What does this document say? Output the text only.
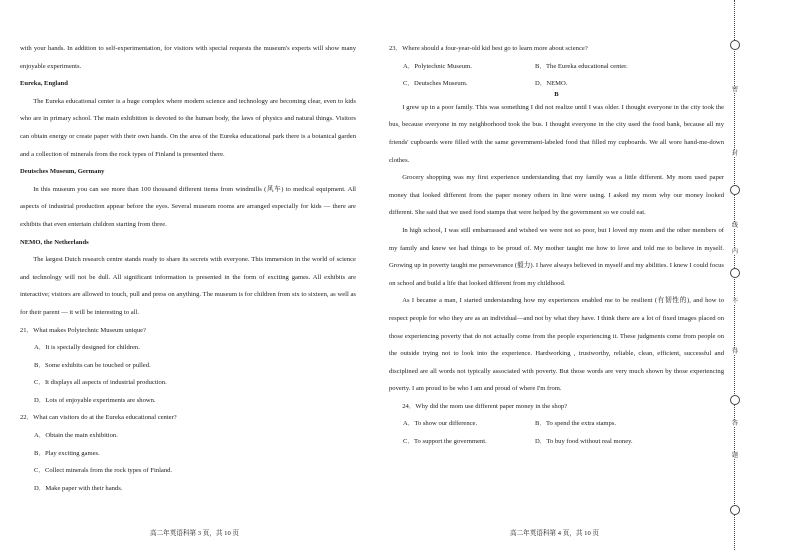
with your hands. In addition to self-experimentation, for visitors with special requests the museum's experts will show many enjoyable experiments.

Eureka, England

The Eureka educational center is a huge complex where modern science and technology are becoming clear, even to kids who are in primary school. The main exhibition is devoted to the human body, the laws of physics and natural things. Visitors can obtain energy or create paper with their own hands. On the area of the Eureka educational park there is a botanical garden and a collection of minerals from the rock types of Finland is presented there.

Deutsches Museum, Germany

In this museum you can see more than 100 thousand different items from windmills (风车) to medical equipment. All aspects of industrial production appear before the eyes. Several museum rooms are arranged especially for kids — there are exhibits that even entertain children starting from three.

NEMO, the Netherlands

The largest Dutch research centre stands ready to share its secrets with everyone. This immersion in the world of science and technology will not be dull. All significant information is presented in the form of exciting games. All exhibits are interactive; visitors are allowed to touch, pull and press on anything. The museum is for children from six to sixteen, as well as for their parent — it will be interesting to all.

21．What makes Polytechnic Museum unique?

A．It is specially designed for children.

B．Some exhibits can be touched or pulled.

C．It displays all aspects of industrial production.

D．Lots of enjoyable experiments are shown.

22．What can visitors do at the Eureka educational center?

A．Obtain the main exhibition.

B．Play exciting games.

C．Collect minerals from the rock types of Finland.

D．Make paper with their hands.

23．Where should a four-year-old kid best go to learn more about science?

A．Polytechnic Museum.	B．The Eureka educational center.
C．Deutsches Museum.	D．NEMO.

B

I grew up in a poor family. This was something I did not realize until I was older. I thought everyone in the city took the bus, because everyone in my neighborhood took the bus. I thought everyone in the city used the food bank, because all my friends' cupboards were filled with the same government-labeled food that filled my cupboards. We all wore hand-me-down clothes.

Grocery shopping was my first experience understanding that my family was a little different. My mom used paper money that looked different from the paper money others in line were using. I asked my mom why our money looked different. She said that we used food stamps that were helped by the government so we could eat.

In high school, I was still embarrassed and wished we were not so poor, but I loved my mom and the other members of my family and knew we had things to be proud of. My mother taught me how to love and told me to believe in myself. Growing up in poverty taught me perseverance (毅力). I have always believed in myself and my abilities. I knew I could focus on school and build a life that looked different from my childhood.

As I became a man, I started understanding how my experiences enabled me to be resilient (有韧性的), and how to respect people for who they are as an individual—and not by what they have. I think there are a lot of fixed images placed on those experiencing poverty that do not actually come from the people experiencing it. These judgments come from people on the outside trying not to look into the experience. Hardworking , trustworthy, reliable, clean, efficient, successful and disciplined are all words not typically associated with poverty. But those words are very much shown by those experiencing poverty. I am proud to be who I am and proud of where I'm from.

24．Why did the mom use different paper money in the shop?

A．To show our difference.	B．To spend the extra stamps.
C．To support the government.	D．To buy food without real money.
高二年英语科第 3 页，共 10 页	高二年英语科第 4 页，共 10 页
密
封
线
内
不
得
答
题
